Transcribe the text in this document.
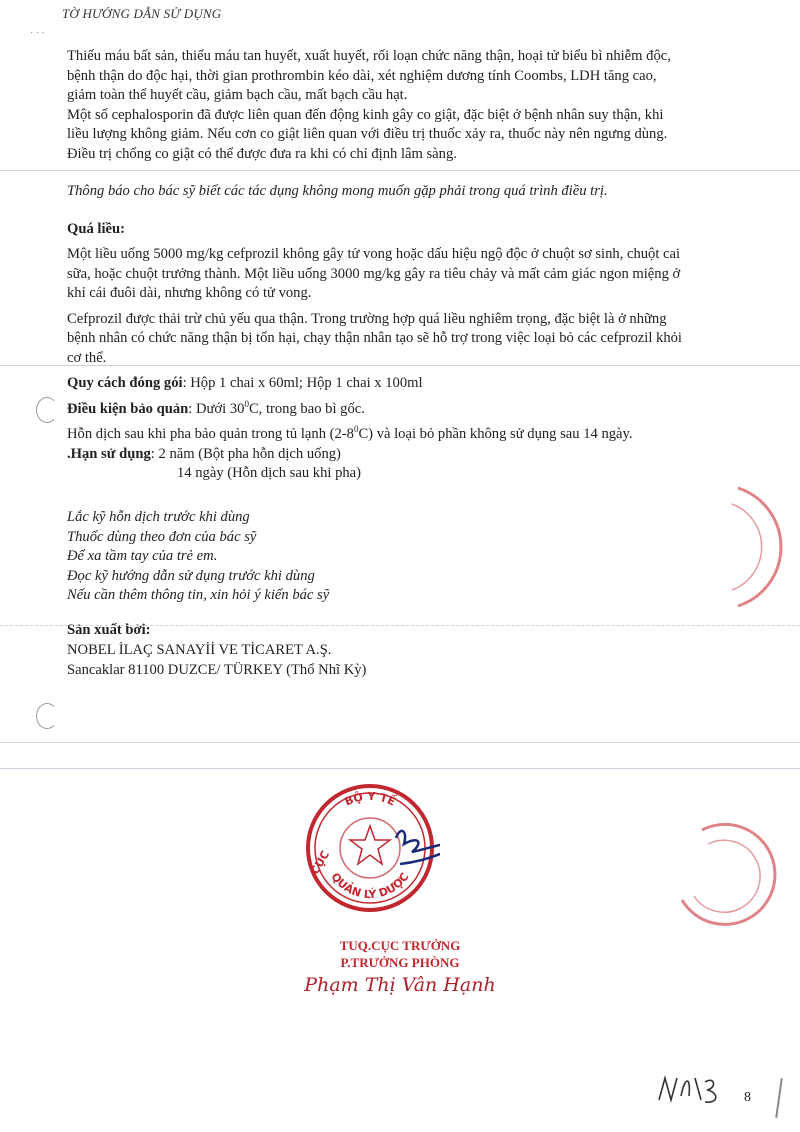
TỜ HƯỚNG DẪN SỬ DỤNG
· · ·

Thiếu máu bất sản, thiếu máu tan huyết, xuất huyết, rối loạn chức năng thận, hoại tử biểu bì nhiễm độc,

bệnh thận do độc hại, thời gian prothrombin kéo dài, xét nghiệm dương tính Coombs, LDH tăng cao,

giảm toàn thể huyết cầu, giảm bạch cầu, mất bạch cầu hạt.

Một số cephalosporin đã được liên quan đến động kinh gây co giật, đặc biệt ở bệnh nhân suy thận, khi

liều lượng không giảm. Nếu cơn co giật liên quan với điều trị thuốc xảy ra, thuốc này nên ngưng dùng.

Điều trị chống co giật có thể được đưa ra khi có chỉ định lâm sàng.

Thông báo cho bác sỹ biết các tác dụng không mong muốn gặp phải trong quá trình điều trị.

Quá liều:

Một liều uống 5000 mg/kg cefprozil không gây tử vong hoặc dấu hiệu ngộ độc ở chuột sơ sinh, chuột cai

sữa, hoặc chuột trưởng thành. Một liều uống 3000 mg/kg gây ra tiêu chảy và mất cảm giác ngon miệng ở

khỉ cái đuôi dài, nhưng không có tử vong.

Cefprozil được thải trừ chủ yếu qua thận. Trong trường hợp quá liều nghiêm trọng, đặc biệt là ở những

bệnh nhân có chức năng thận bị tổn hại, chạy thận nhân tạo sẽ hỗ trợ trong việc loại bỏ các cefprozil khỏi

cơ thể.

Quy cách đóng gói: Hộp 1 chai x 60ml; Hộp 1 chai x 100ml

Điều kiện bảo quản: Dưới $30^0C$, trong bao bì gốc.

Hỗn dịch sau khi pha bảo quản trong tủ lạnh $(2-8^0C)$ và loại bỏ phần không sử dụng sau 14 ngày.

.Hạn sử dụng: 2 năm (Bột pha hỗn dịch uống)

14 ngày (Hỗn dịch sau khi pha)

Lắc kỹ hỗn dịch trước khi dùng
Thuốc dùng theo đơn của bác sỹ
Để xa tầm tay của trẻ em.
Đọc kỹ hướng dẫn sử dụng trước khi dùng
Nếu cần thêm thông tin, xin hỏi ý kiến bác sỹ
Sản xuất bởi:
NOBEL İLAÇ SANAYİİ VE TİCARET A.Ş.
Sancaklar 81100 DUZCE/ TÜRKEY (Thổ Nhĩ Kỳ)
BỘ Y TẾ
CỤC
QUẢN LÝ DƯỢC
TUQ.CỤC TRƯỞNG
P.TRƯỞNG PHÒNG
Phạm Thị Vân Hạnh
8
